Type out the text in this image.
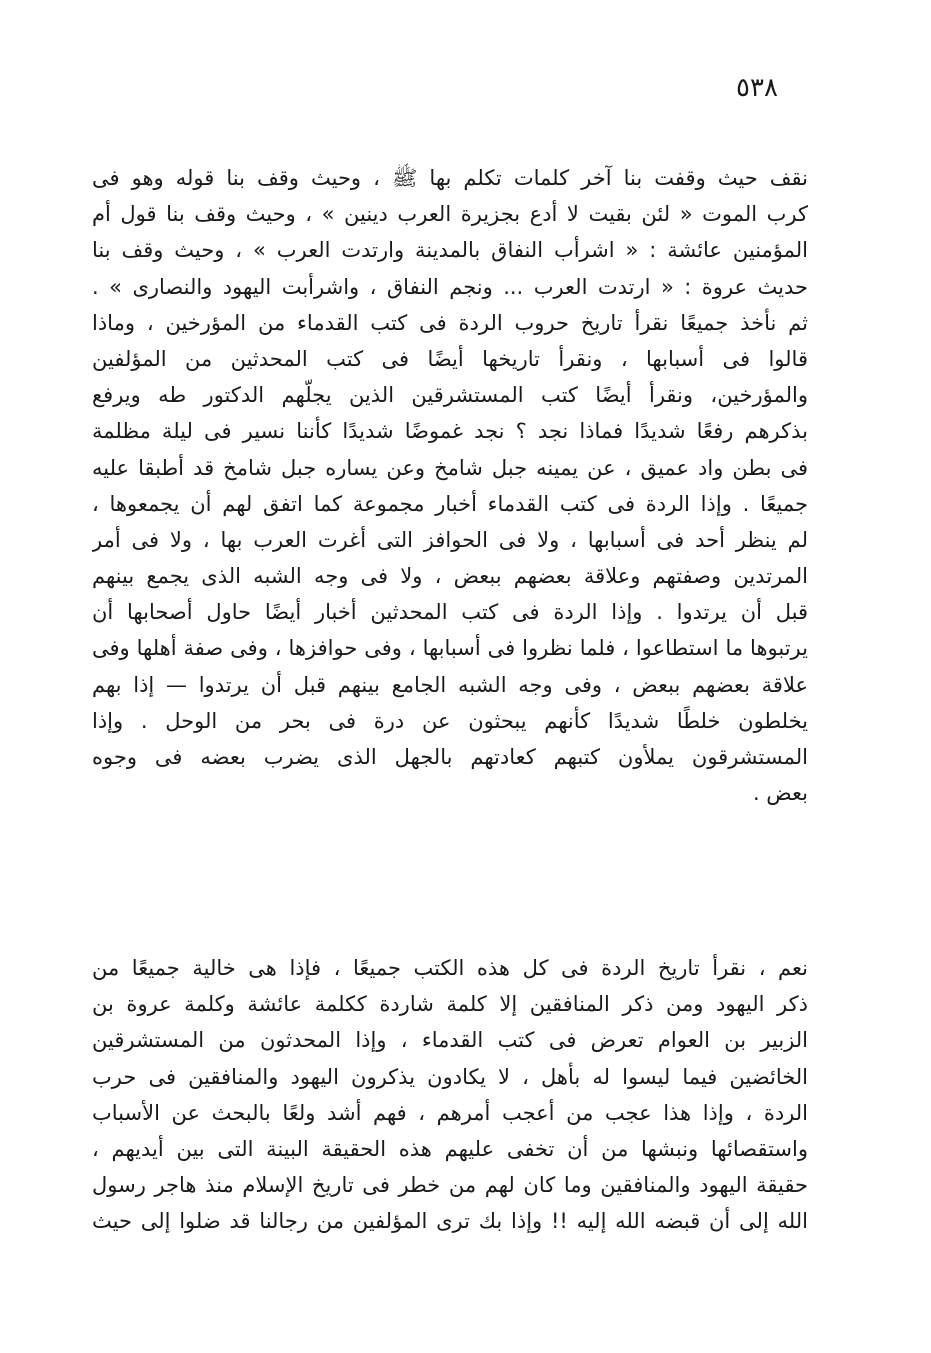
٥٣٨
نقف حيث وقفت بنا آخر كلمات تكلم بها ﷺ ، وحيث وقف بنا قوله وهو فى
كرب الموت « لئن بقيت لا أدع بجزيرة العرب دينين » ، وحيث وقف بنا قول أم
المؤمنين عائشة : « اشرأب النفاق بالمدينة وارتدت العرب » ، وحيث وقف بنا
حديث عروة : « ارتدت العرب ... ونجم النفاق ، واشرأبت اليهود والنصارى » .
ثم نأخذ جميعًا نقرأ تاريخ حروب الردة فى كتب القدماء من المؤرخين ، وماذا
قالوا فى أسبابها ، ونقرأ تاريخها أيضًا فى كتب المحدثين من المؤلفين
والمؤرخين، ونقرأ أيضًا كتب المستشرقين الذين يجلّهم الدكتور طه ويرفع
بذكرهم رفعًا شديدًا فماذا نجد ؟ نجد غموضًا شديدًا كأننا نسير فى ليلة مظلمة
فى بطن واد عميق ، عن يمينه جبل شامخ وعن يساره جبل شامخ قد أطبقا عليه
جميعًا . وإذا الردة فى كتب القدماء أخبار مجموعة كما اتفق لهم أن يجمعوها ،
لم ينظر أحد فى أسبابها ، ولا فى الحوافز التى أغرت العرب بها ، ولا فى أمر
المرتدين وصفتهم وعلاقة بعضهم ببعض ، ولا فى وجه الشبه الذى يجمع بينهم
قبل أن يرتدوا . وإذا الردة فى كتب المحدثين أخبار أيضًا حاول أصحابها أن
يرتبوها ما استطاعوا ، فلما نظروا فى أسبابها ، وفى حوافزها ، وفى صفة أهلها وفى
علاقة بعضهم ببعض ، وفى وجه الشبه الجامع بينهم قبل أن يرتدوا — إذا بهم
يخلطون خلطًا شديدًا كأنهم يبحثون عن درة فى بحر من الوحل . وإذا
المستشرقون يملأون كتبهم كعادتهم بالجهل الذى يضرب بعضه فى وجوه
بعض .
نعم ، نقرأ تاريخ الردة فى كل هذه الكتب جميعًا ، فإذا هى خالية جميعًا من
ذكر اليهود ومن ذكر المنافقين إلا كلمة شاردة ككلمة عائشة وكلمة عروة بن
الزبير بن العوام تعرض فى كتب القدماء ، وإذا المحدثون من المستشرقين
الخائضين فيما ليسوا له بأهل ، لا يكادون يذكرون اليهود والمنافقين فى حرب
الردة ، وإذا هذا عجب من أعجب أمرهم ، فهم أشد ولعًا بالبحث عن الأسباب
واستقصائها ونبشها من أن تخفى عليهم هذه الحقيقة البينة التى بين أيديهم ،
حقيقة اليهود والمنافقين وما كان لهم من خطر فى تاريخ الإسلام منذ هاجر رسول
الله إلى أن قبضه الله إليه !! وإذا بك ترى المؤلفين من رجالنا قد ضلوا إلى حيث
